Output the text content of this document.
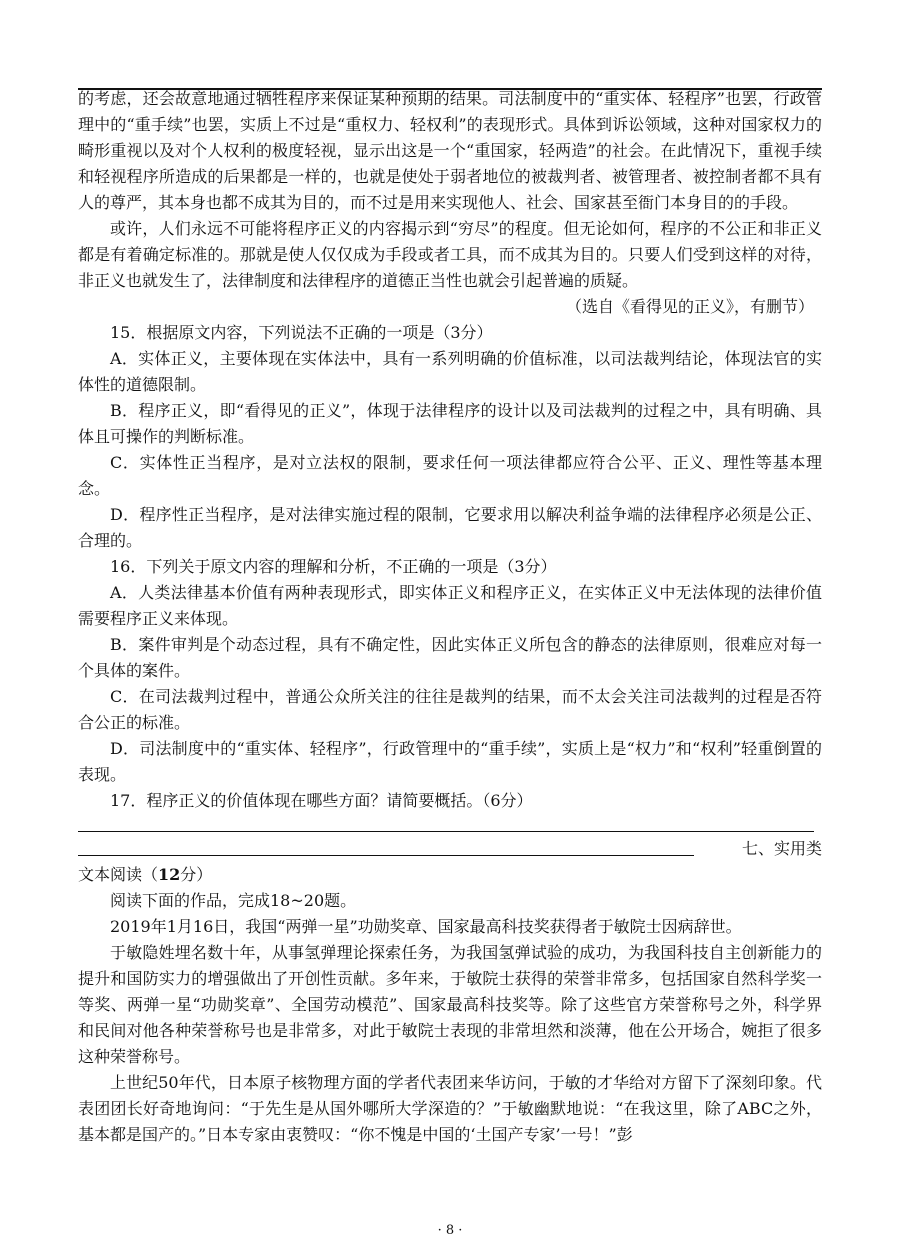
的考虑，还会故意地通过牺牲程序来保证某种预期的结果。司法制度中的“重实体、轻程序”也罢，行政管理中的“重手续”也罢，实质上不过是“重权力、轻权利”的表现形式。具体到诉讼领域，这种对国家权力的畸形重视以及对个人权利的极度轻视，显示出这是一个“重国家，轻两造”的社会。在此情况下，重视手续和轻视程序所造成的后果都是一样的，也就是使处于弱者地位的被裁判者、被管理者、被控制者都不具有人的尊严，其本身也都不成其为目的，而不过是用来实现他人、社会、国家甚至衙门本身目的的手段。

或许，人们永远不可能将程序正义的内容揭示到“穷尽”的程度。但无论如何，程序的不公正和非正义都是有着确定标准的。那就是使人仅仅成为手段或者工具，而不成其为目的。只要人们受到这样的对待，非正义也就发生了，法律制度和法律程序的道德正当性也就会引起普遍的质疑。

（选自《看得见的正义》，有删节）

15．根据原文内容，下列说法不正确的一项是（3分）

A．实体正义，主要体现在实体法中，具有一系列明确的价值标准，以司法裁判结论，体现法官的实体性的道德限制。

B．程序正义，即“看得见的正义”，体现于法律程序的设计以及司法裁判的过程之中，具有明确、具体且可操作的判断标准。

C．实体性正当程序，是对立法权的限制，要求任何一项法律都应符合公平、正义、理性等基本理念。

D．程序性正当程序，是对法律实施过程的限制，它要求用以解决利益争端的法律程序必须是公正、合理的。

16．下列关于原文内容的理解和分析，不正确的一项是（3分）

A．人类法律基本价值有两种表现形式，即实体正义和程序正义，在实体正义中无法体现的法律价值需要程序正义来体现。

B．案件审判是个动态过程，具有不确定性，因此实体正义所包含的静态的法律原则，很难应对每一个具体的案件。

C．在司法裁判过程中，普通公众所关注的往往是裁判的结果，而不太会关注司法裁判的过程是否符合公正的标准。

D．司法制度中的“重实体、轻程序”，行政管理中的“重手续”，实质上是“权力”和“权利”轻重倒置的表现。

17．程序正义的价值体现在哪些方面？请简要概括。（6分）

七、实用类

文本阅读（12分）

阅读下面的作品，完成18~20题。

2019年1月16日，我国“两弹一星”功勋奖章、国家最高科技奖获得者于敏院士因病辞世。

于敏隐姓埋名数十年，从事氢弹理论探索任务，为我国氢弹试验的成功，为我国科技自主创新能力的提升和国防实力的增强做出了开创性贡献。多年来，于敏院士获得的荣誉非常多，包括国家自然科学奖一等奖、两弹一星“功勋奖章”、全国劳动模范”、国家最高科技奖等。除了这些官方荣誉称号之外，科学界和民间对他各种荣誉称号也是非常多，对此于敏院士表现的非常坦然和淡薄，他在公开场合，婉拒了很多这种荣誉称号。

上世纪50年代，日本原子核物理方面的学者代表团来华访问，于敏的才华给对方留下了深刻印象。代表团团长好奇地询问：“于先生是从国外哪所大学深造的？”于敏幽默地说：“在我这里，除了ABC之外，基本都是国产的。”日本专家由衷赞叹：“你不愧是中国的‘土国产专家’一号！”彭

· 8 ·
